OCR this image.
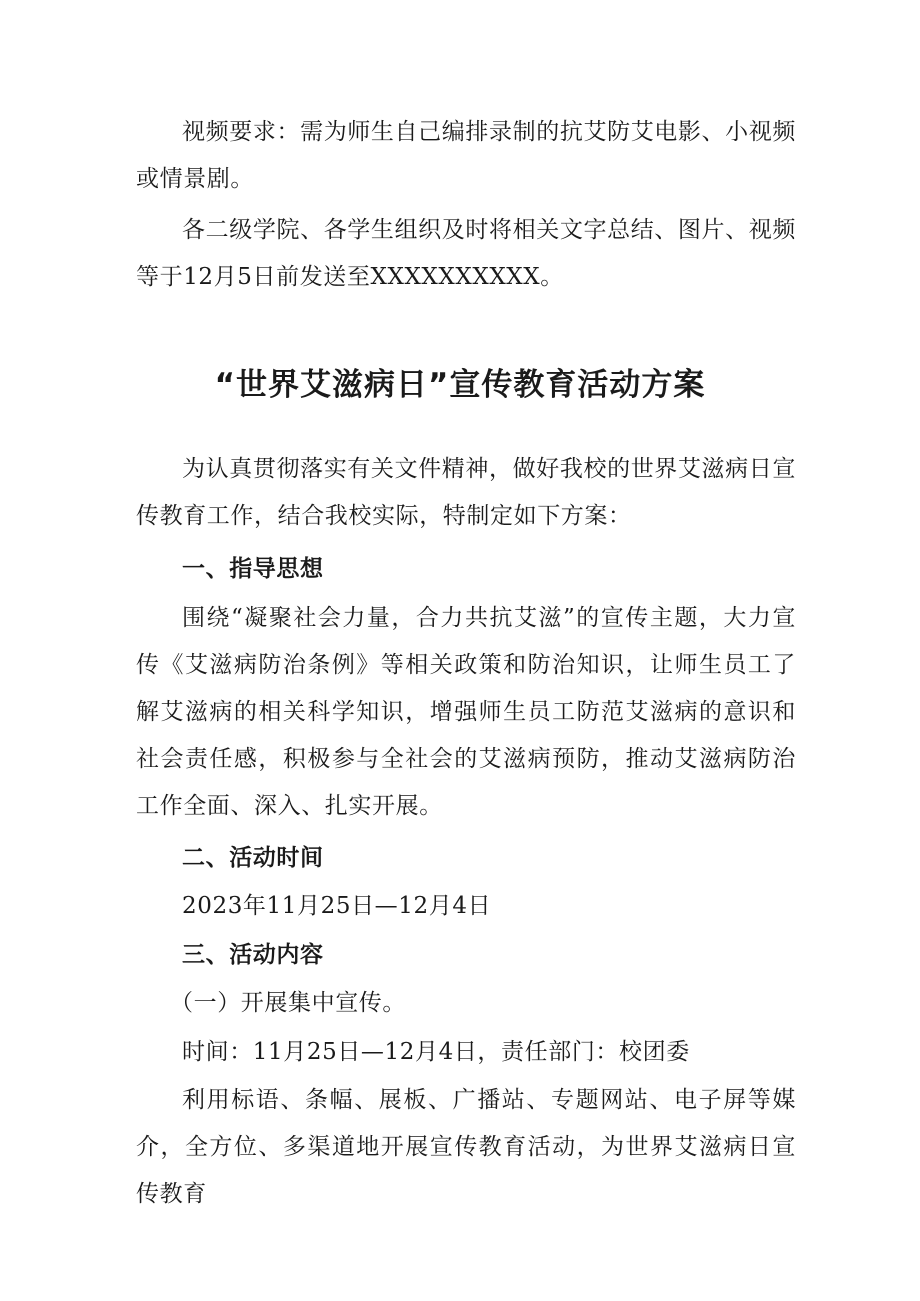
视频要求：需为师生自己编排录制的抗艾防艾电影、小视频或情景剧。

各二级学院、各学生组织及时将相关文字总结、图片、视频等于12月5日前发送至XXXXXXXXXX。

“世界艾滋病日”宣传教育活动方案

为认真贯彻落实有关文件精神，做好我校的世界艾滋病日宣传教育工作，结合我校实际，特制定如下方案：

一、指导思想

围绕“凝聚社会力量，合力共抗艾滋”的宣传主题，大力宣传《艾滋病防治条例》等相关政策和防治知识，让师生员工了解艾滋病的相关科学知识，增强师生员工防范艾滋病的意识和社会责任感，积极参与全社会的艾滋病预防，推动艾滋病防治工作全面、深入、扎实开展。

二、活动时间

2023年11月25日—12月4日

三、活动内容

（一）开展集中宣传。

时间：11月25日—12月4日，责任部门：校团委

利用标语、条幅、展板、广播站、专题网站、电子屏等媒介，全方位、多渠道地开展宣传教育活动，为世界艾滋病日宣传教育
